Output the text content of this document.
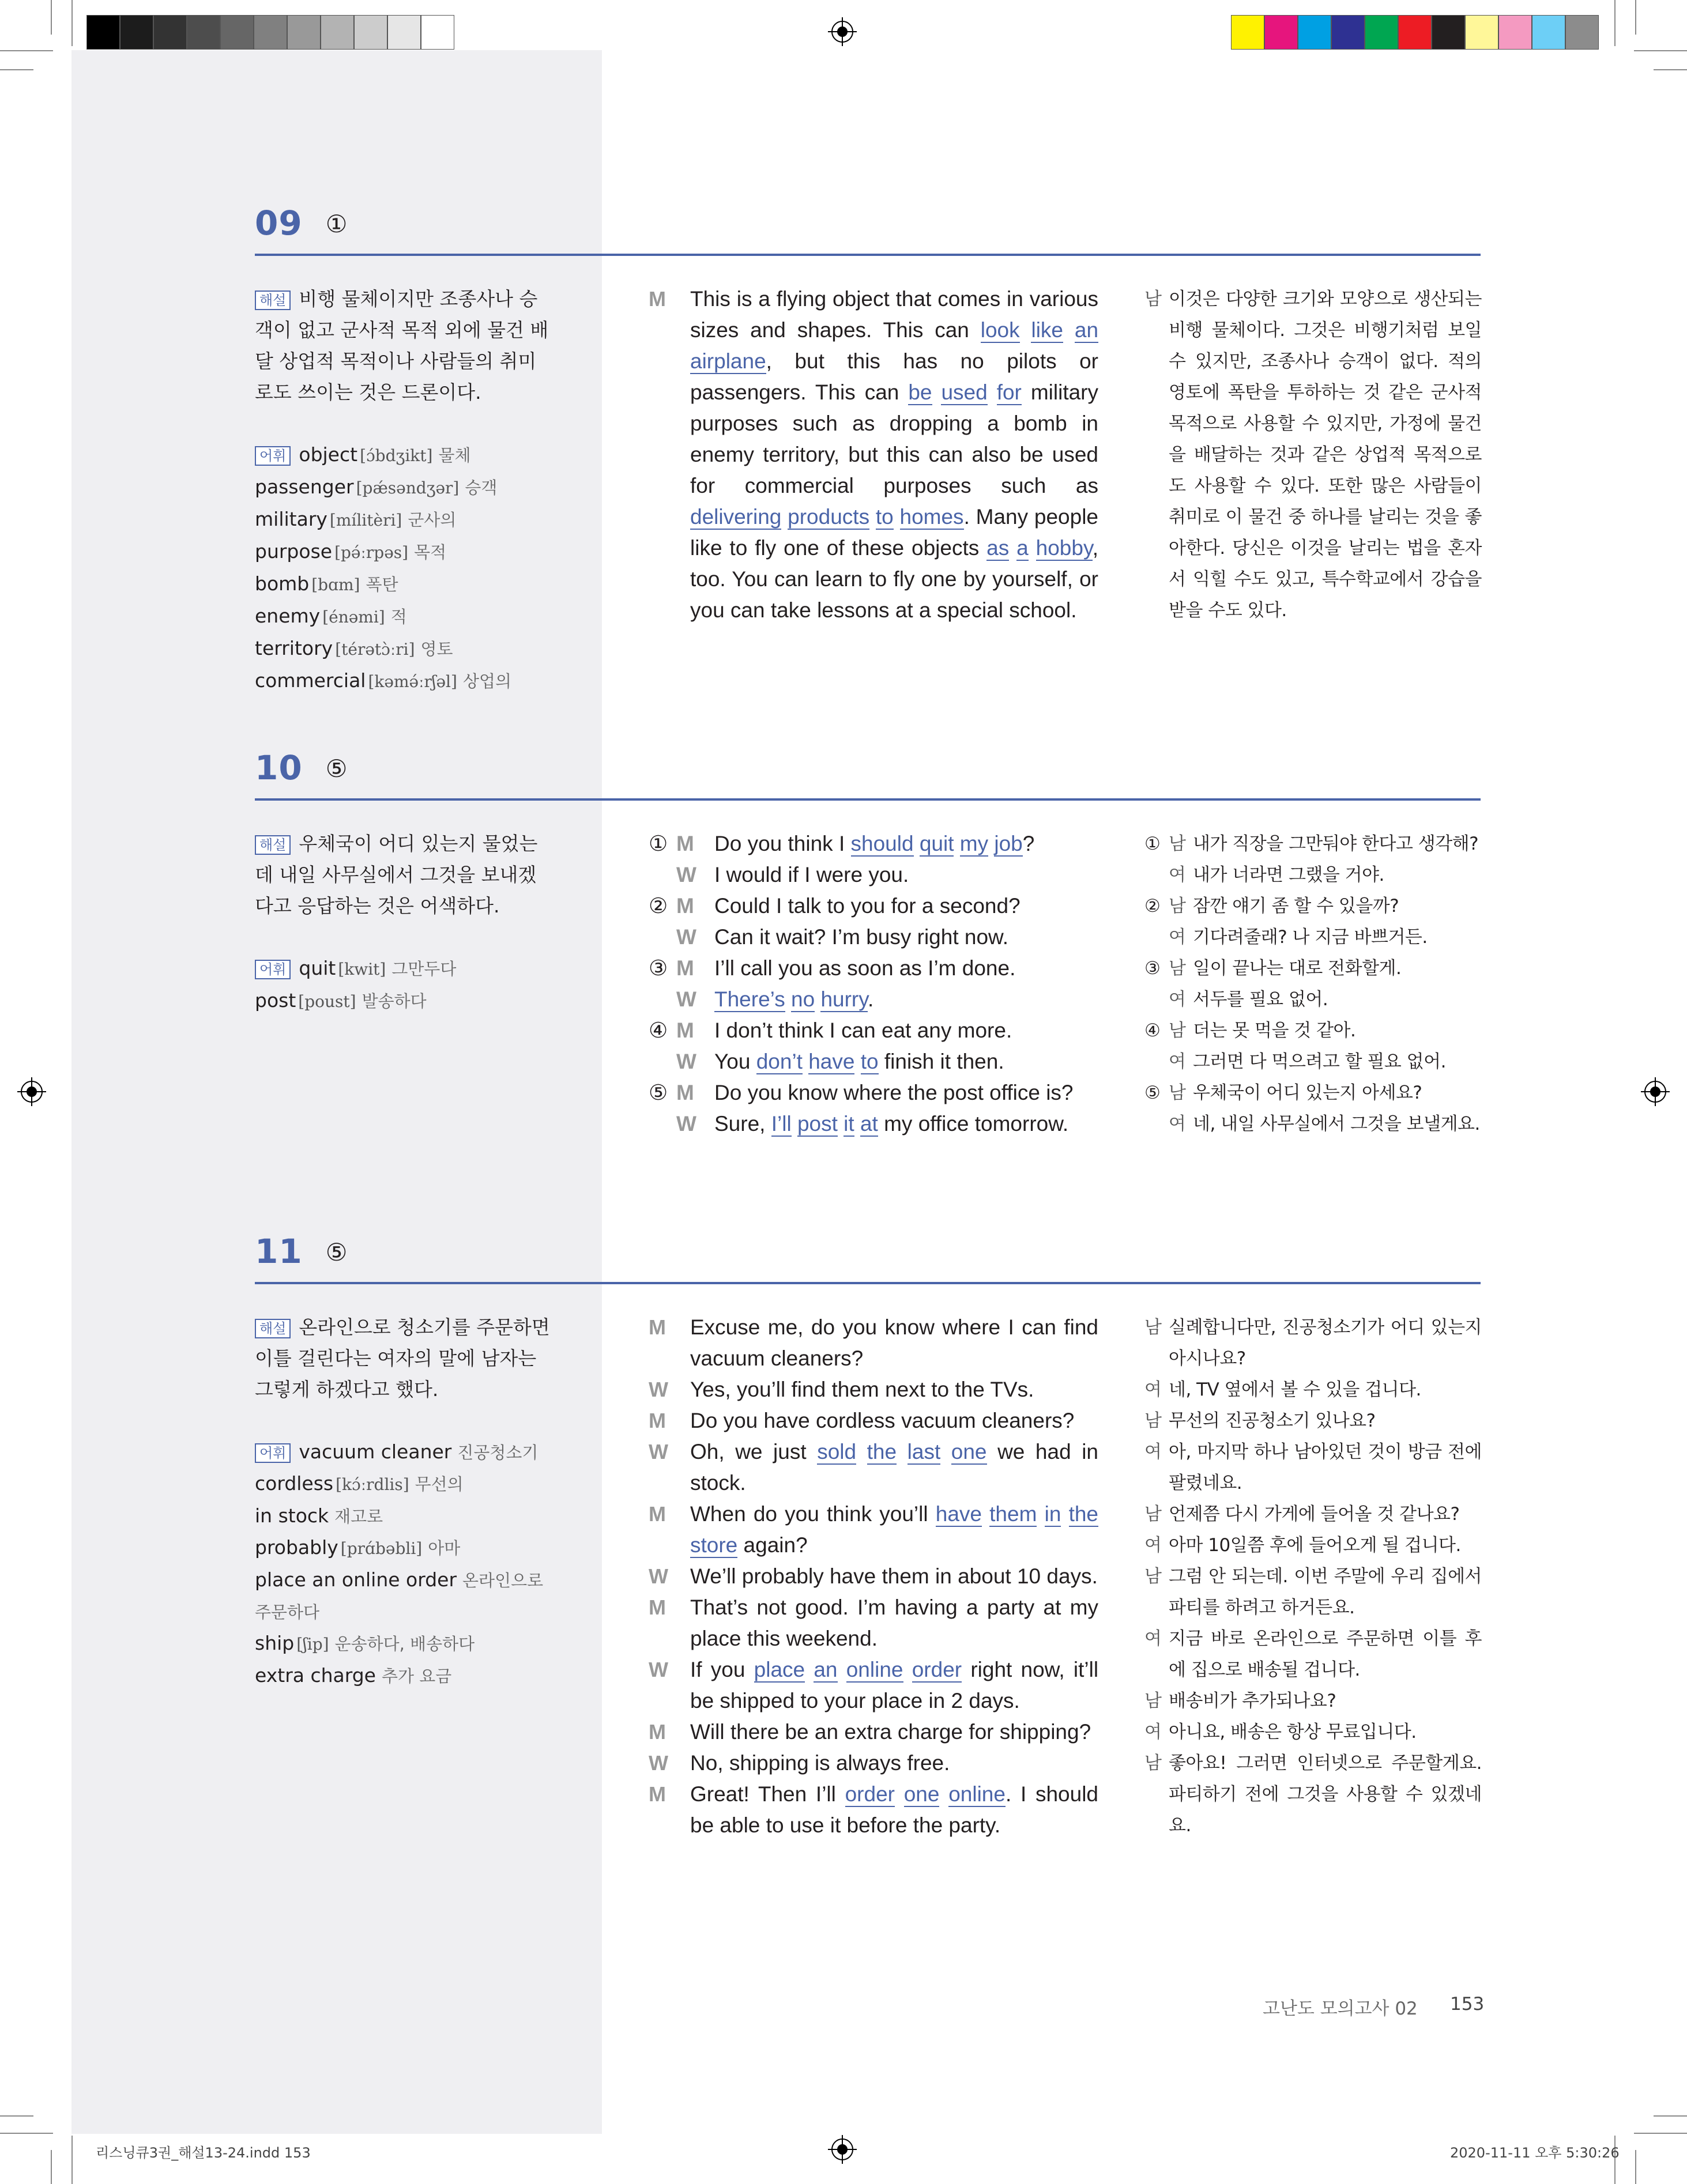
09 ①
해설 비행 물체이지만 조종사나 승객이 없고 군사적 목적 외에 물건 배달 상업적 목적이나 사람들의 취미로도 쓰이는 것은 드론이다.
어휘 object [ɔ́bdʒikt] 물체
passenger [pǽsəndʒər] 승객
military [mílitèri] 군사의
purpose [pə́ːrpəs] 목적
bomb [bɑm] 폭탄
enemy [énəmi] 적
territory [térətɔ̀ːri] 영토
commercial [kəmə́ːrʃəl] 상업의
M	This is a flying object that comes in various sizes and shapes. This can look like an airplane, but this has no pilots or passengers. This can be used for military purposes such as dropping a bomb in enemy territory, but this can also be used for commercial purposes such as delivering products to homes. Many people like to fly one of these objects as a hobby, too. You can learn to fly one by yourself, or you can take lessons at a special school.
남 이것은 다양한 크기와 모양으로 생산되는 비행 물체이다. 그것은 비행기처럼 보일 수 있지만, 조종사나 승객이 없다. 적의 영토에 폭탄을 투하하는 것 같은 군사적 목적으로 사용할 수 있지만, 가정에 물건을 배달하는 것과 같은 상업적 목적으로도 사용할 수 있다. 또한 많은 사람들이 취미로 이 물건 중 하나를 날리는 것을 좋아한다. 당신은 이것을 날리는 법을 혼자서 익힐 수도 있고, 특수학교에서 강습을 받을 수도 있다.
10 ⑤
해설 우체국이 어디 있는지 물었는데 내일 사무실에서 그것을 보내겠다고 응답하는 것은 어색하다.
어휘 quit [kwit] 그만두다
post [poust] 발송하다
① M Do you think I should quit my job?
W I would if I were you.
② M Could I talk to you for a second?
W Can it wait? I’m busy right now.
③ M I’ll call you as soon as I’m done.
W There’s no hurry.
④ M I don’t think I can eat any more.
W You don’t have to finish it then.
⑤ M Do you know where the post office is?
W Sure, I’ll post it at my office tomorrow.
① 남 내가 직장을 그만둬야 한다고 생각해?
여 내가 너라면 그랬을 거야.
② 남 잠깐 얘기 좀 할 수 있을까?
여 기다려줄래? 나 지금 바쁘거든.
③ 남 일이 끝나는 대로 전화할게.
여 서두를 필요 없어.
④ 남 더는 못 먹을 것 같아.
여 그러면 다 먹으려고 할 필요 없어.
⑤ 남 우체국이 어디 있는지 아세요?
여 네, 내일 사무실에서 그것을 보낼게요.
11 ⑤
해설 온라인으로 청소기를 주문하면 이틀 걸린다는 여자의 말에 남자는 그렇게 하겠다고 했다.
어휘 vacuum cleaner 진공청소기
cordless [kɔ́ːrdlis] 무선의
in stock 재고로
probably [prɑ́bəbli] 아마
place an online order 온라인으로 주문하다
ship [ʃip] 운송하다, 배송하다
extra charge 추가 요금
M	Excuse me, do you know where I can find vacuum cleaners?
W	Yes, you’ll find them next to the TVs.
M	Do you have cordless vacuum cleaners?
W	Oh, we just sold the last one we had in stock.
M	When do you think you’ll have them in the store again?
W	We’ll probably have them in about 10 days.
M	That’s not good. I’m having a party at my place this weekend.
W	If you place an online order right now, it’ll be shipped to your place in 2 days.
M	Will there be an extra charge for shipping?
W	No, shipping is always free.
M	Great! Then I’ll order one online. I should be able to use it before the party.
남 실례합니다만, 진공청소기가 어디 있는지 아시나요?
여 네, TV 옆에서 볼 수 있을 겁니다.
남 무선의 진공청소기 있나요?
여 아, 마지막 하나 남아있던 것이 방금 전에 팔렸네요.
남 언제쯤 다시 가게에 들어올 것 같나요?
여 아마 10일쯤 후에 들어오게 될 겁니다.
남 그럼 안 되는데. 이번 주말에 우리 집에서 파티를 하려고 하거든요.
여 지금 바로 온라인으로 주문하면 이틀 후에 집으로 배송될 겁니다.
남 배송비가 추가되나요?
여 아니요, 배송은 항상 무료입니다.
남 좋아요! 그러면 인터넷으로 주문할게요. 파티하기 전에 그것을 사용할 수 있겠네요.
고난도 모의고사 02 153
리스닝큐3권_해설13-24.indd 153	2020-11-11 오후 5:30:26
